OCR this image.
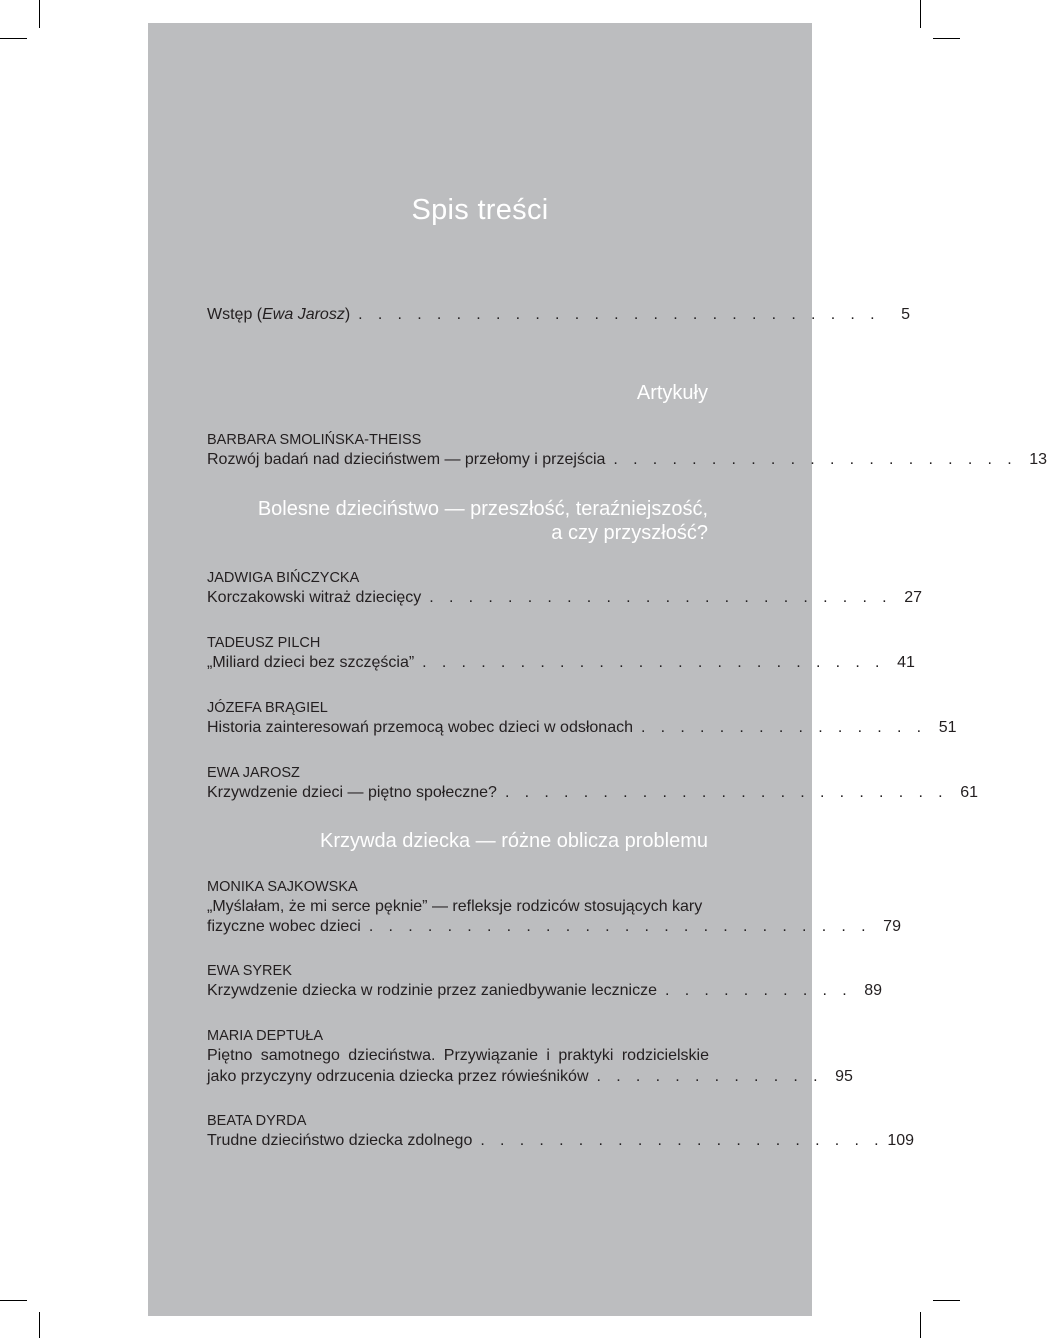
Spis treści
Wstęp (Ewa Jarosz) . . . . . . . . . . . . . . . . . . . . . . . . . . .	5
Artykuły
BARBARA SMOLIŃSKA-THEISS
Rozwój badań nad dzieciństwem — przełomy i przejścia . . . . . . . . . . . . . . . . . . . . . 13
Bolesne dzieciństwo — przeszłość, teraźniejszość,
a czy przyszłość?
JADWIGA BIŃCZYCKA
Korczakowski witraż dziecięcy . . . . . . . . . . . . . . . . . . . . . . . . 27
TADEUSZ PILCH
„Miliard dzieci bez szczęścia” . . . . . . . . . . . . . . . . . . . . . . . . 41
JÓZEFA BRĄGIEL
Historia zainteresowań przemocą wobec dzieci w odsłonach . . . . . . . . . . . . . . . 51
EWA JAROSZ
Krzywdzenie dzieci — piętno społeczne? . . . . . . . . . . . . . . . . . . . . . . . 61
Krzywda dziecka — różne oblicza problemu
MONIKA SAJKOWSKA
„Myślałam, że mi serce pęknie” — refleksje rodziców stosujących kary
fizyczne wobec dzieci . . . . . . . . . . . . . . . . . . . . . . . . . . 79
EWA SYREK
Krzywdzenie dziecka w rodzinie przez zaniedbywanie lecznicze . . . . . . . . . . 89
MARIA DEPTUŁA
Piętno samotnego dzieciństwa. Przywiązanie i praktyki rodzicielskie
jako przyczyny odrzucenia dziecka przez rówieśników . . . . . . . . . . . . 95
BEATA DYRDA
Trudne dzieciństwo dziecka zdolnego . . . . . . . . . . . . . . . . . . . . . 109
